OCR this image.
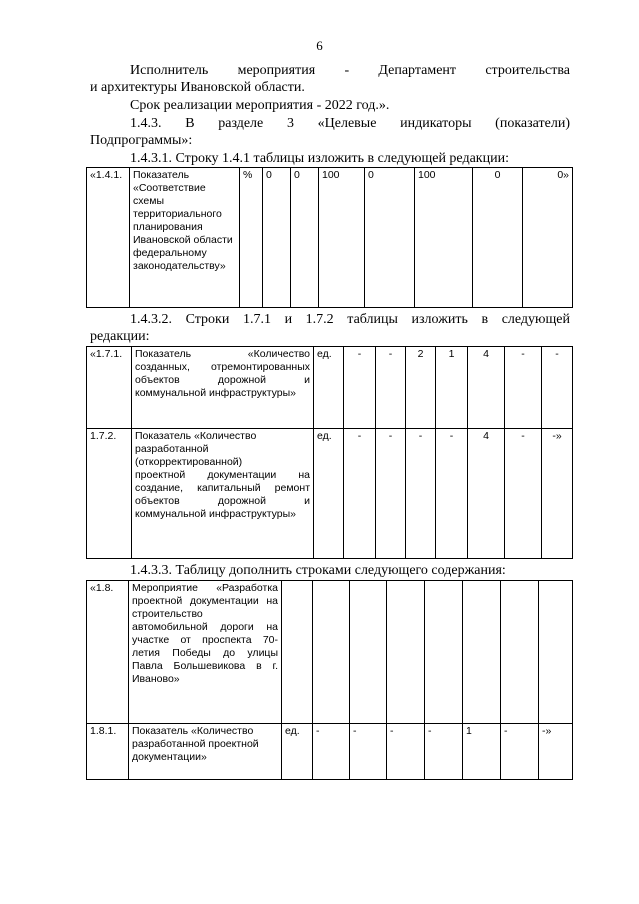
6
Исполнитель мероприятия - Департамент строительства
и архитектуры Ивановской области.
Срок реализации мероприятия - 2022 год.».
1.4.3. В разделе 3 «Целевые индикаторы (показатели)
Подпрограммы»:
1.4.3.1. Строку 1.4.1 таблицы изложить в следующей редакции:
«1.4.1.	Показатель «Соответствие схемы территориального планирования Ивановской области федеральному законодательству»	%	0	0	100	0	100	0	0»
1.4.3.2. Строки 1.7.1 и 1.7.2 таблицы изложить в следующей
редакции:
«1.7.1.	Показатель «Количество созданных, отремонтированных объектов дорожной и коммунальной инфраструктуры»	ед.	-	-	2	1	4	-	-
1.7.2.	Показатель «Количество разработанной (откорректированной)
проектной документации на создание, капитальный ремонт объектов дорожной и коммунальной инфраструктуры»	ед.	-	-	-	-	4	-	-»
1.4.3.3. Таблицу дополнить строками следующего содержания:
«1.8.	Мероприятие «Разработка проектной документации на строительство автомобильной дороги на участке от проспекта 70-летия Победы до улицы Павла Большевикова в г. Иваново»								
1.8.1.	Показатель «Количество разработанной проектной документации»	ед.	-	-	-	-	1	-	-»
